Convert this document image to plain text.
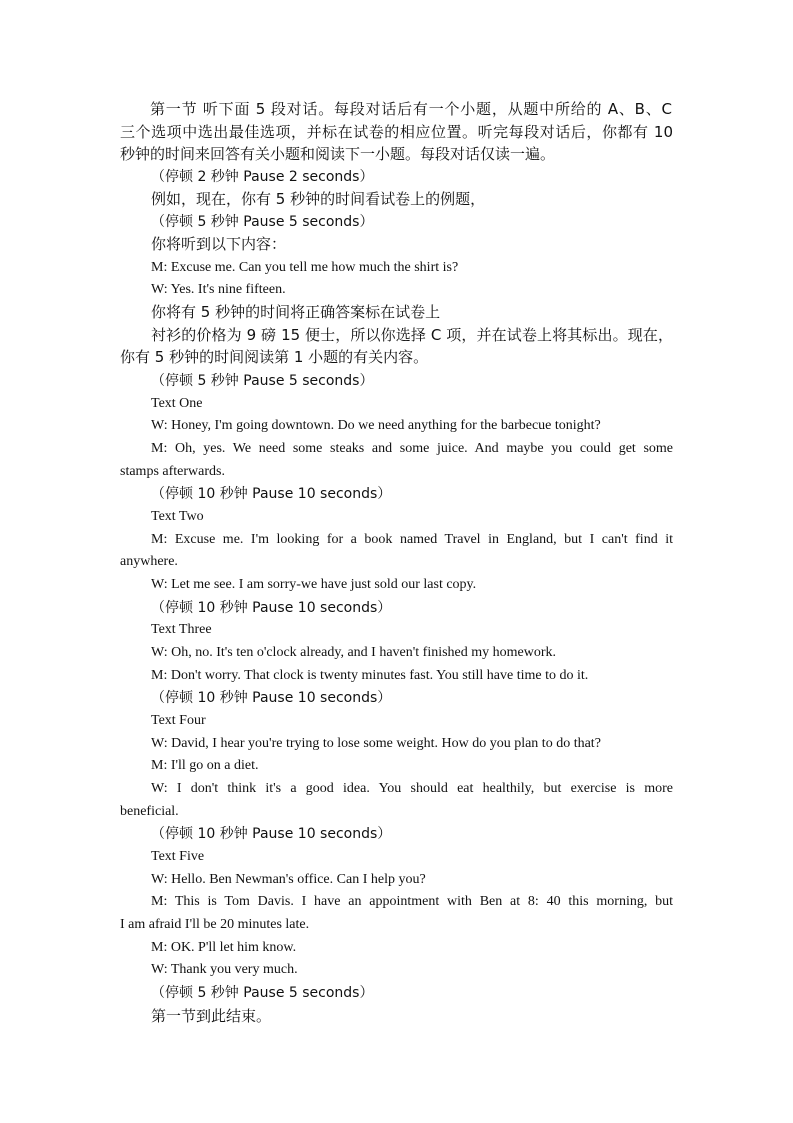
第一节 听下面 5 段对话。每段对话后有一个小题，从题中所给的 A、B、C
三个选项中选出最佳选项，并标在试卷的相应位置。听完每段对话后，你都有 10
秒钟的时间来回答有关小题和阅读下一小题。每段对话仅读一遍。
（停顿 2 秒钟 Pause 2 seconds）
例如，现在，你有 5 秒钟的时间看试卷上的例题，
（停顿 5 秒钟 Pause 5 seconds）
你将听到以下内容：
M: Excuse me. Can you tell me how much the shirt is?
W: Yes. It's nine fifteen.
你将有 5 秒钟的时间将正确答案标在试卷上
衬衫的价格为 9 磅 15 便士，所以你选择 C 项，并在试卷上将其标出。现在，
你有 5 秒钟的时间阅读第 1 小题的有关内容。
（停顿 5 秒钟 Pause 5 seconds）
Text One
W: Honey, I'm going downtown. Do we need anything for the barbecue tonight?
M: Oh, yes. We need some steaks and some juice. And maybe you could get some
stamps afterwards.
（停顿 10 秒钟 Pause 10 seconds）
Text Two
M: Excuse me. I'm looking for a book named Travel in England, but I can't find it
anywhere.
W: Let me see. I am sorry-we have just sold our last copy.
（停顿 10 秒钟 Pause 10 seconds）
Text Three
W: Oh, no. It's ten o'clock already, and I haven't finished my homework.
M: Don't worry. That clock is twenty minutes fast. You still have time to do it.
（停顿 10 秒钟 Pause 10 seconds）
Text Four
W: David, I hear you're trying to lose some weight. How do you plan to do that?
M: I'll go on a diet.
W: I don't think it's a good idea. You should eat healthily, but exercise is more
beneficial.
（停顿 10 秒钟 Pause 10 seconds）
Text Five
W: Hello. Ben Newman's office. Can I help you?
M: This is Tom Davis. I have an appointment with Ben at 8: 40 this morning, but
I am afraid I'll be 20 minutes late.
M: OK. P'll let him know.
W: Thank you very much.
（停顿 5 秒钟 Pause 5 seconds）
第一节到此结束。
